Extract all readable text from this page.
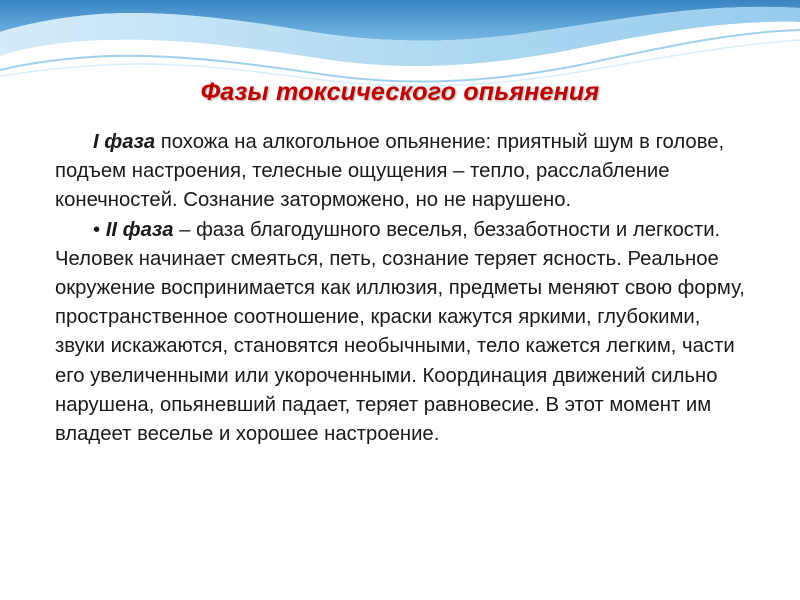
Фазы токсического опьянения

I фаза похожа на алкогольное опьянение: приятный шум в голове, подъем настроения, телесные ощущения – тепло, расслабление конечностей. Сознание заторможено, но не нарушено.

• II фаза – фаза благодушного веселья, беззаботности и легкости. Человек начинает смеяться, петь, сознание теряет ясность. Реальное окружение воспринимается как иллюзия, предметы меняют свою форму, пространственное соотношение, краски кажутся яркими, глубокими, звуки искажаются, становятся необычными, тело кажется легким, части его увеличенными или укороченными. Координация движений сильно нарушена, опьяневший падает, теряет равновесие. В этот момент им владеет веселье и хорошее настроение.
